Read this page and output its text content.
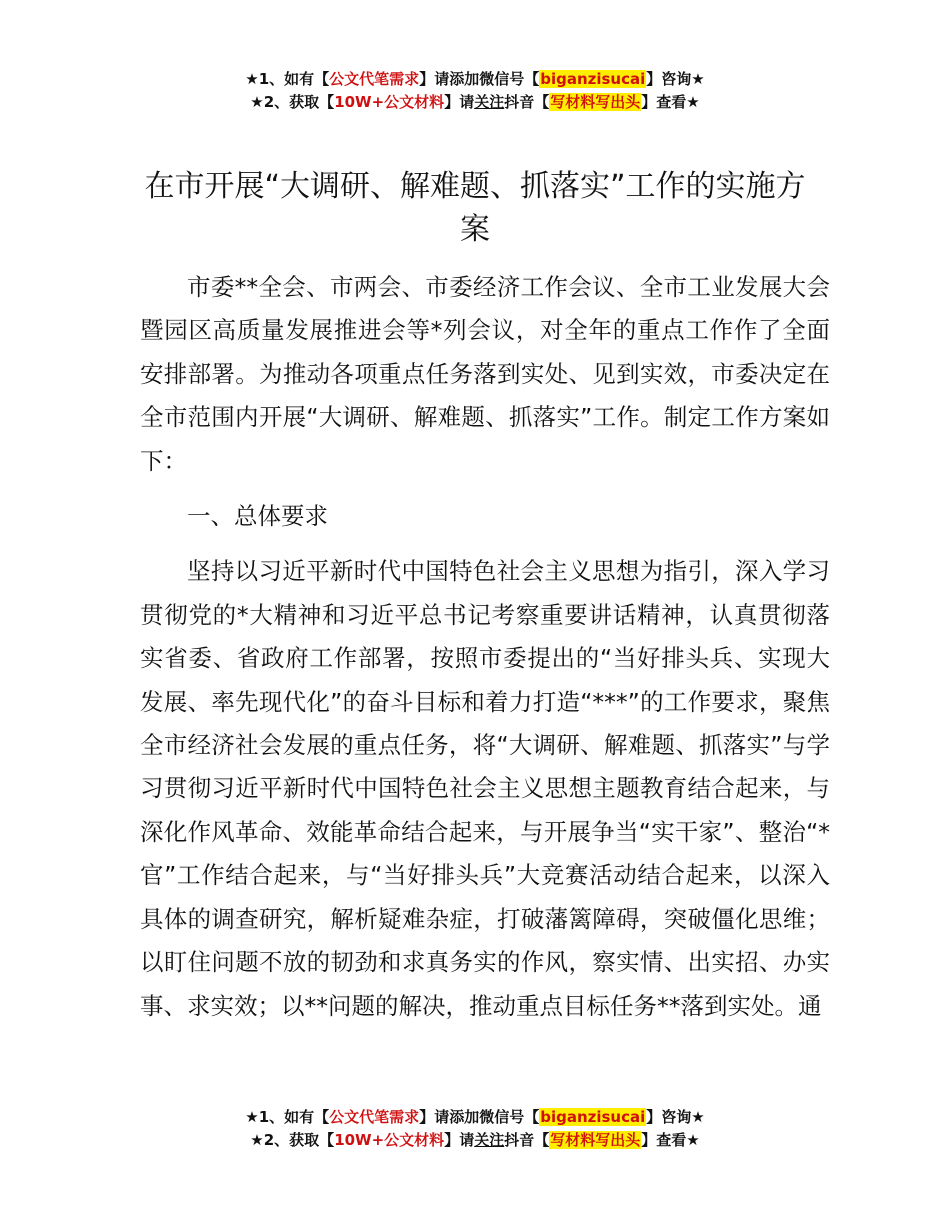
★1、如有【公文代笔需求】请添加微信号【biganzisucai】咨询★
★2、获取【10W+公文材料】请关注抖音【写材料写出头】查看★
在市开展“大调研、解难题、抓落实”工作的实施方案

市委**全会、市两会、市委经济工作会议、全市工业发展大会暨园区高质量发展推进会等*列会议，对全年的重点工作作了全面安排部署。为推动各项重点任务落到实处、见到实效，市委决定在全市范围内开展“大调研、解难题、抓落实”工作。制定工作方案如下：

一、总体要求

坚持以习近平新时代中国特色社会主义思想为指引，深入学习贯彻党的*大精神和习近平总书记考察重要讲话精神，认真贯彻落实省委、省政府工作部署，按照市委提出的“当好排头兵、实现大发展、率先现代化”的奋斗目标和着力打造“***”的工作要求，聚焦全市经济社会发展的重点任务，将“大调研、解难题、抓落实”与学习贯彻习近平新时代中国特色社会主义思想主题教育结合起来，与深化作风革命、效能革命结合起来，与开展争当“实干家”、整治“*官”工作结合起来，与“当好排头兵”大竞赛活动结合起来，以深入具体的调查研究，解析疑难杂症，打破藩篱障碍，突破僵化思维；以盯住问题不放的韧劲和求真务实的作风，察实情、出实招、办实事、求实效；以**问题的解决，推动重点目标任务**落到实处。通

★1、如有【公文代笔需求】请添加微信号【biganzisucai】咨询★
★2、获取【10W+公文材料】请关注抖音【写材料写出头】查看★
